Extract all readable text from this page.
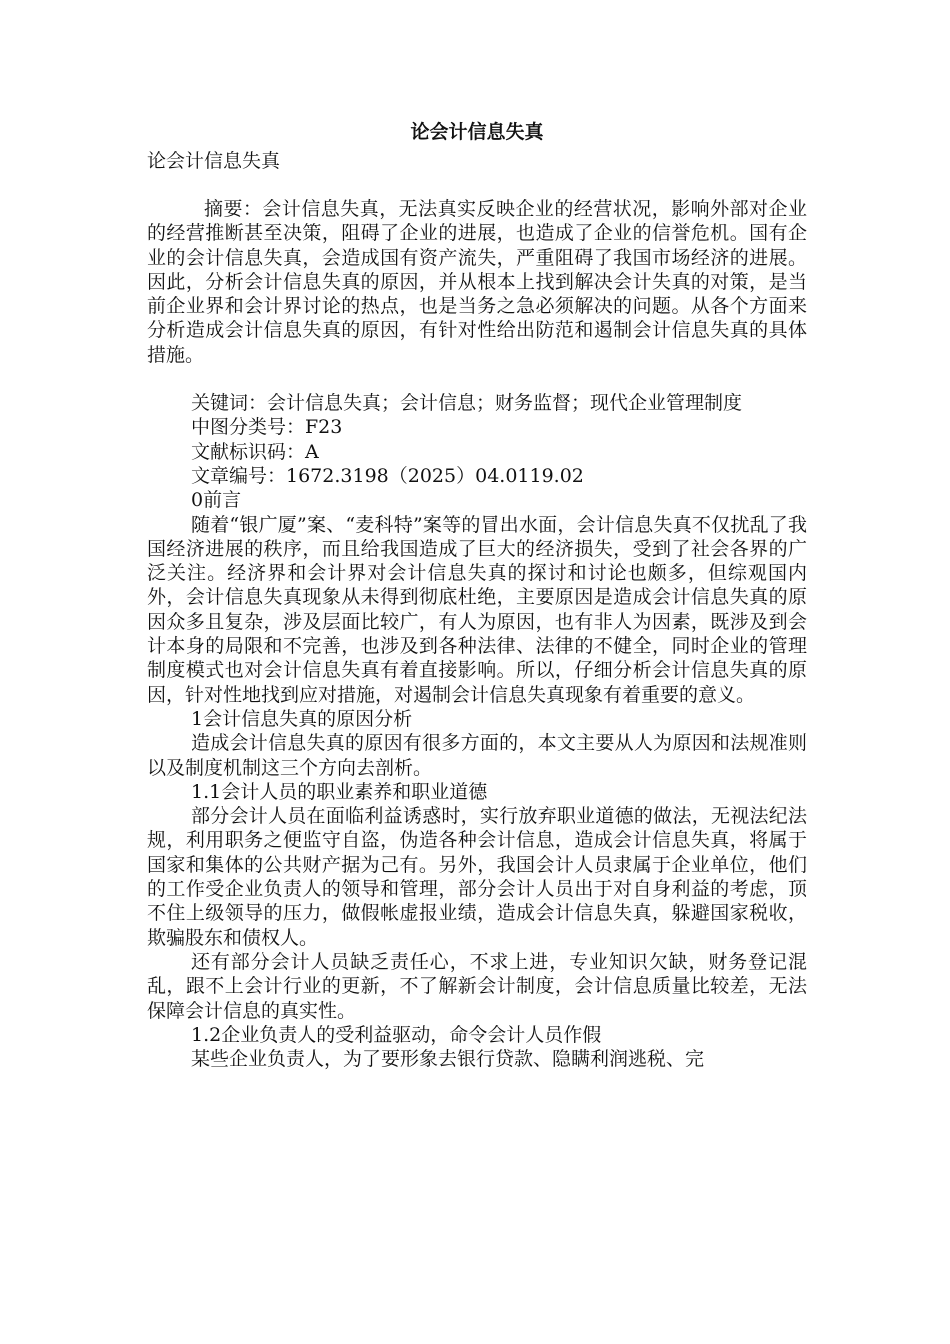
论会计信息失真

论会计信息失真

摘要：会计信息失真，无法真实反映企业的经营状况，影响外部对企业的经营推断甚至决策，阻碍了企业的进展，也造成了企业的信誉危机。国有企业的会计信息失真，会造成国有资产流失，严重阻碍了我国市场经济的进展。因此，分析会计信息失真的原因，并从根本上找到解决会计失真的对策，是当前企业界和会计界讨论的热点，也是当务之急必须解决的问题。从各个方面来分析造成会计信息失真的原因，有针对性给出防范和遏制会计信息失真的具体措施。

关键词：会计信息失真；会计信息；财务监督；现代企业管理制度

中图分类号：F23

文献标识码：A

文章编号：1672.3198（2025）04.0119.02

0前言

随着“银广厦”案、“麦科特”案等的冒出水面，会计信息失真不仅扰乱了我国经济进展的秩序，而且给我国造成了巨大的经济损失，受到了社会各界的广泛关注。经济界和会计界对会计信息失真的探讨和讨论也颇多，但综观国内外，会计信息失真现象从未得到彻底杜绝，主要原因是造成会计信息失真的原因众多且复杂，涉及层面比较广，有人为原因，也有非人为因素，既涉及到会计本身的局限和不完善，也涉及到各种法律、法律的不健全，同时企业的管理制度模式也对会计信息失真有着直接影响。所以，仔细分析会计信息失真的原因，针对性地找到应对措施，对遏制会计信息失真现象有着重要的意义。

1会计信息失真的原因分析

造成会计信息失真的原因有很多方面的，本文主要从人为原因和法规准则以及制度机制这三个方向去剖析。

1.1会计人员的职业素养和职业道德

部分会计人员在面临利益诱惑时，实行放弃职业道德的做法，无视法纪法规，利用职务之便监守自盗，伪造各种会计信息，造成会计信息失真，将属于国家和集体的公共财产据为己有。另外，我国会计人员隶属于企业单位，他们的工作受企业负责人的领导和管理，部分会计人员出于对自身利益的考虑，顶不住上级领导的压力，做假帐虚报业绩，造成会计信息失真，躲避国家税收，欺骗股东和债权人。

还有部分会计人员缺乏责任心，不求上进，专业知识欠缺，财务登记混乱，跟不上会计行业的更新，不了解新会计制度，会计信息质量比较差，无法保障会计信息的真实性。

1.2企业负责人的受利益驱动，命令会计人员作假

某些企业负责人，为了要形象去银行贷款、隐瞒利润逃税、完
